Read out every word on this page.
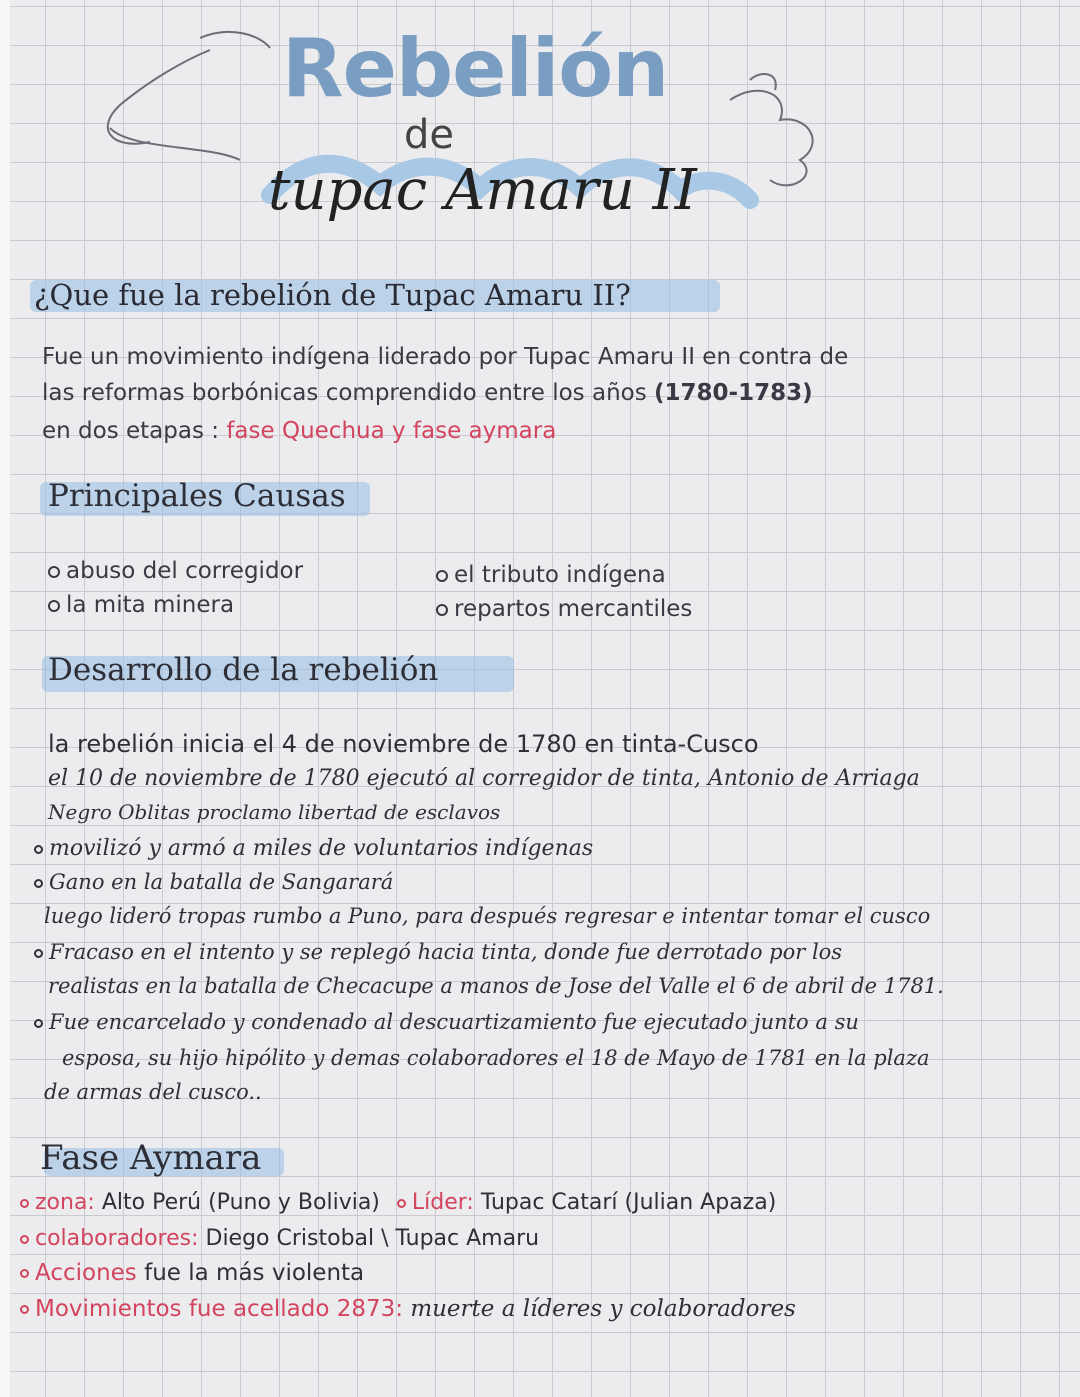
Rebelión
de
tupac Amaru II
¿Que fue la rebelión de Tupac Amaru II?
Fue un movimiento indígena liderado por Tupac Amaru II en contra de
las reformas borbónicas comprendido entre los años (1780-1783)
en dos etapas : fase Quechua y fase aymara
Principales Causas
abuso del corregidor
la mita minera
el tributo indígena
repartos mercantiles
Desarrollo de la rebelión
la rebelión inicia el 4 de noviembre de 1780 en tinta-Cusco
el 10 de noviembre de 1780 ejecutó al corregidor de tinta, Antonio de Arriaga
Negro Oblitas proclamo libertad de esclavos
movilizó y armó a miles de voluntarios indígenas
Gano en la batalla de Sangarará
luego lideró tropas rumbo a Puno, para después regresar e intentar tomar el cusco
Fracaso en el intento y se replegó hacia tinta, donde fue derrotado por los
realistas en la batalla de Checacupe a manos de Jose del Valle el 6 de abril de 1781.
Fue encarcelado y condenado al descuartizamiento fue ejecutado junto a su
esposa, su hijo hipólito y demas colaboradores el 18 de Mayo de 1781 en la plaza
de armas del cusco..
Fase Aymara
zona: Alto Perú (Puno y Bolivia) Líder: Tupac Catarí (Julian Apaza)
colaboradores: Diego Cristobal \ Tupac Amaru
Acciones fue la más violenta
Movimientos fue acellado 2873: muerte a líderes y colaboradores
